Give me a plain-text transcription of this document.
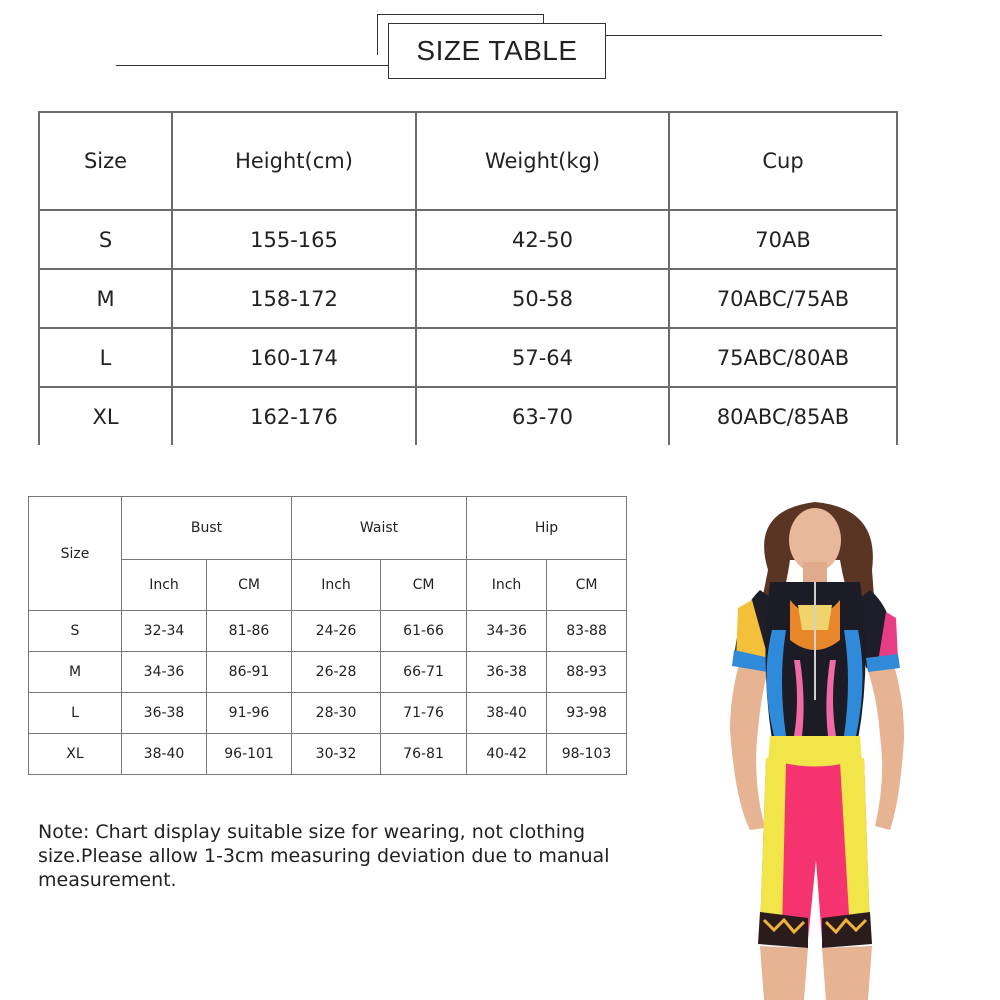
SIZE TABLE
Size	Height(cm)	Weight(kg)	Cup
S	155-165	42-50	70AB
M	158-172	50-58	70ABC/75AB
L	160-174	57-64	75ABC/80AB
XL	162-176	63-70	80ABC/85AB
Size	Bust		Waist		Hip	
	Inch	CM	Inch	CM	Inch	CM
S	32-34	81-86	24-26	61-66	34-36	83-88
M	34-36	86-91	26-28	66-71	36-38	88-93
L	36-38	91-96	28-30	71-76	38-40	93-98
XL	38-40	96-101	30-32	76-81	40-42	98-103
Note: Chart display suitable size for wearing, not clothing size.Please allow 1-3cm measuring deviation due to manual measurement.
